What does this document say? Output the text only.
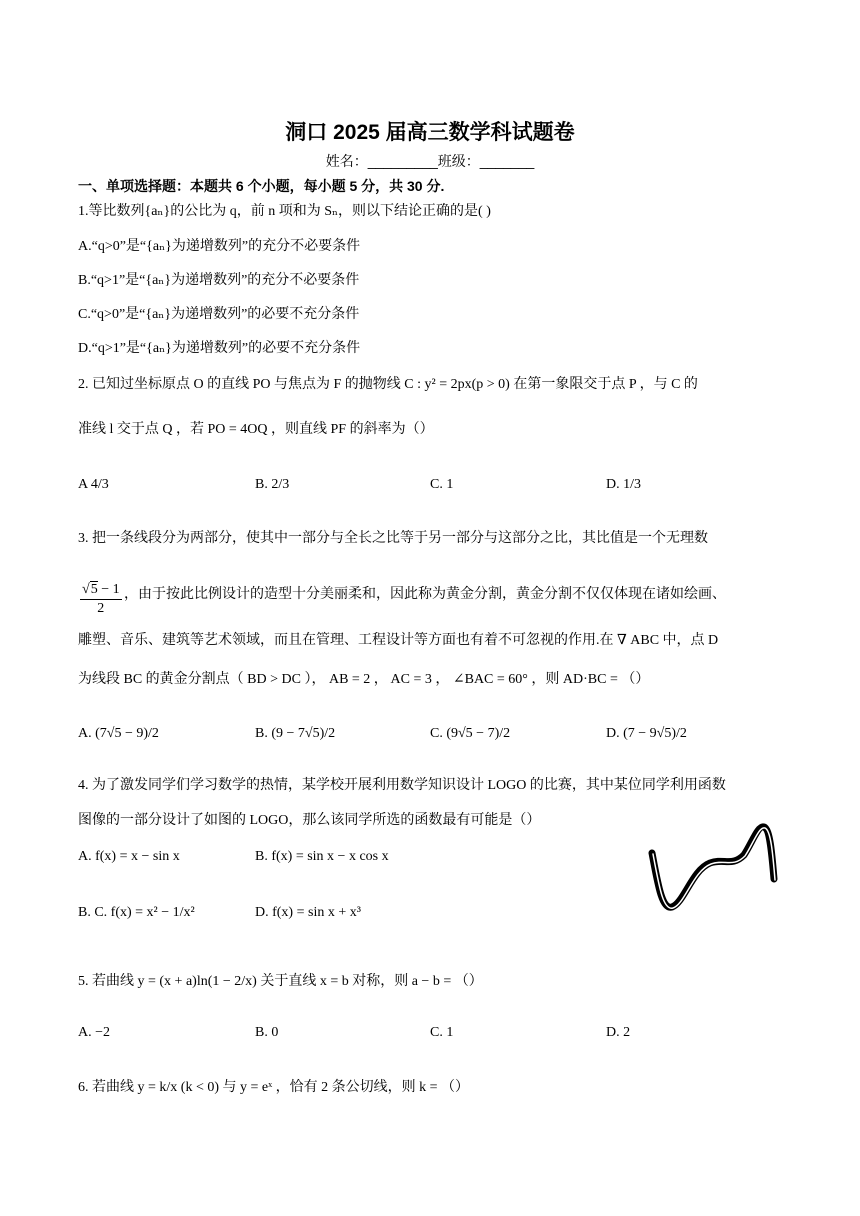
洞口 2025 届高三数学科试题卷
姓名：_________班级：_______
一、单项选择题：本题共 6 个小题，每小题 5 分，共 30 分.
1.等比数列{aₙ}的公比为 q，前 n 项和为 Sₙ，则以下结论正确的是( )
A.“q>0”是“{aₙ}为递增数列”的充分不必要条件
B.“q>1”是“{aₙ}为递增数列”的充分不必要条件
C.“q>0”是“{aₙ}为递增数列”的必要不充分条件
D.“q>1”是“{aₙ}为递增数列”的必要不充分条件
2. 已知过坐标原点 O 的直线 PO 与焦点为 F 的抛物线 C : y² = 2px(p > 0) 在第一象限交于点 P ，与 C 的
准线 l 交于点 Q ，若 PO = 4OQ ，则直线 PF 的斜率为（）
A 4/3	B. 2/3	C. 1	D. 1/3
3. 把一条线段分为两部分，使其中一部分与全长之比等于另一部分与这部分之比，其比值是一个无理数
$\frac{√5 - 1}{2}$ ，由于按此比例设计的造型十分美丽柔和，因此称为黄金分割，黄金分割不仅仅体现在诸如绘画、
雕塑、音乐、建筑等艺术领域，而且在管理、工程设计等方面也有着不可忽视的作用.在 ∇ ABC 中，点 D
为线段 BC 的黄金分割点（ BD > DC ）， AB = 2 ， AC = 3 ， ∠BAC = 60° ，则 AD·BC = （）
A. (7√5 − 9)/2	B. (9 − 7√5)/2	C. (9√5 − 7)/2	D. (7 − 9√5)/2
4. 为了激发同学们学习数学的热情，某学校开展利用数学知识设计 LOGO 的比赛，其中某位同学利用函数
图像的一部分设计了如图的 LOGO，那么该同学所选的函数最有可能是（）
A. f(x) = x − sin x	B. f(x) = sin x − x cos x
B. C. f(x) = x² − 1/x²	D. f(x) = sin x + x³
5. 若曲线 y = (x + a)ln(1 − 2/x) 关于直线 x = b 对称，则 a − b = （）
A. −2	B. 0	C. 1	D. 2
6. 若曲线 y = k/x (k < 0) 与 y = eˣ ，恰有 2 条公切线，则 k = （）
